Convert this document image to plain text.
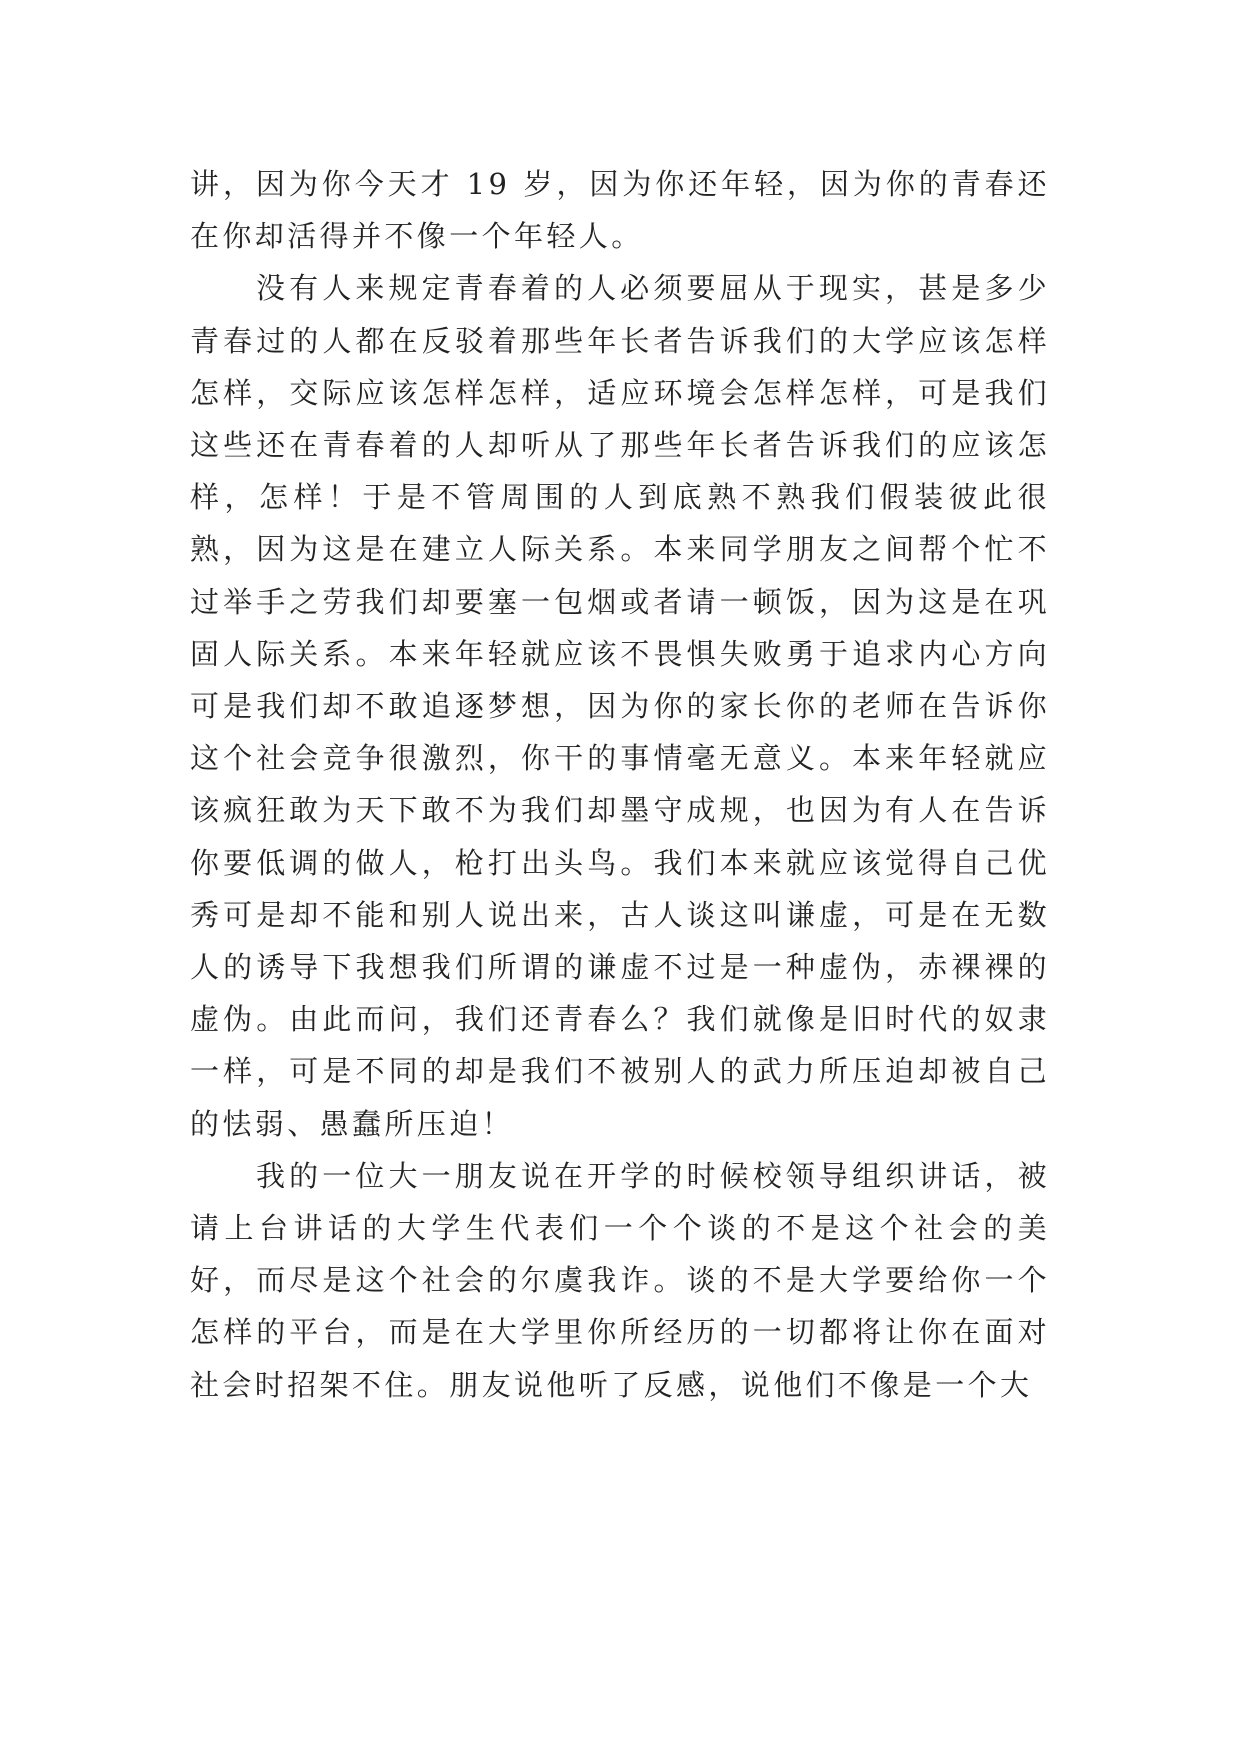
讲，因为你今天才 19 岁，因为你还年轻，因为你的青春还在你却活得并不像一个年轻人。

没有人来规定青春着的人必须要屈从于现实，甚是多少青春过的人都在反驳着那些年长者告诉我们的大学应该怎样怎样，交际应该怎样怎样，适应环境会怎样怎样，可是我们这些还在青春着的人却听从了那些年长者告诉我们的应该怎样，怎样！于是不管周围的人到底熟不熟我们假装彼此很熟，因为这是在建立人际关系。本来同学朋友之间帮个忙不过举手之劳我们却要塞一包烟或者请一顿饭，因为这是在巩固人际关系。本来年轻就应该不畏惧失败勇于追求内心方向可是我们却不敢追逐梦想，因为你的家长你的老师在告诉你这个社会竞争很激烈，你干的事情毫无意义。本来年轻就应该疯狂敢为天下敢不为我们却墨守成规，也因为有人在告诉你要低调的做人，枪打出头鸟。我们本来就应该觉得自己优秀可是却不能和别人说出来，古人谈这叫谦虚，可是在无数人的诱导下我想我们所谓的谦虚不过是一种虚伪，赤裸裸的虚伪。由此而问，我们还青春么？我们就像是旧时代的奴隶一样，可是不同的却是我们不被别人的武力所压迫却被自己的怯弱、愚蠢所压迫！

我的一位大一朋友说在开学的时候校领导组织讲话，被请上台讲话的大学生代表们一个个谈的不是这个社会的美好，而尽是这个社会的尔虞我诈。谈的不是大学要给你一个怎样的平台，而是在大学里你所经历的一切都将让你在面对社会时招架不住。朋友说他听了反感，说他们不像是一个大
